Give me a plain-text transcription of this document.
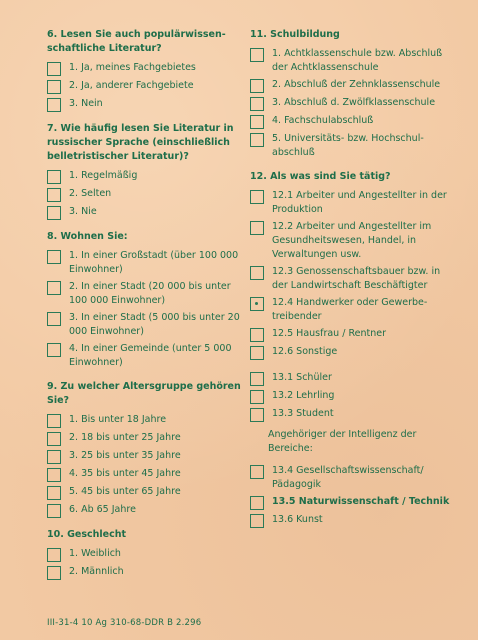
6. Lesen Sie auch populärwissenschaftliche Literatur?
1. Ja, meines Fachgebietes
2. Ja, anderer Fachgebiete
3. Nein
7. Wie häufig lesen Sie Literatur in russischer Sprache (einschließlich belletristischer Literatur)?
1. Regelmäßig
2. Selten
3. Nie
8. Wohnen Sie:
1. In einer Großstadt (über 100 000 Einwohner)
2. In einer Stadt (20 000 bis unter 100 000 Einwohner)
3. In einer Stadt (5 000 bis unter 20 000 Einwohner)
4. In einer Gemeinde (unter 5 000 Einwohner)
9. Zu welcher Altersgruppe gehören Sie?
1. Bis unter 18 Jahre
2. 18 bis unter 25 Jahre
3. 25 bis unter 35 Jahre
4. 35 bis unter 45 Jahre
5. 45 bis unter 65 Jahre
6. Ab 65 Jahre
10. Geschlecht
1. Weiblich
2. Männlich
11. Schulbildung
1. Achtklassenschule bzw. Abschluß der Achtklassenschule
2. Abschluß der Zehnklassenschule
3. Abschluß d. Zwölfklassenschule
4. Fachschulabschluß
5. Universitäts- bzw. Hochschulabschluß
12. Als was sind Sie tätig?
12.1 Arbeiter und Angestellter in der Produktion
12.2 Arbeiter und Angestellter im Gesundheitswesen, Handel, in Verwaltungen usw.
12.3 Genossenschaftsbauer bzw. in der Landwirtschaft Beschäftigter
12.4 Handwerker oder Gewerbetreibender
12.5 Hausfrau / Rentner
12.6 Sonstige
13.1 Schüler
13.2 Lehrling
13.3 Student
Angehöriger der Intelligenz der Bereiche:
13.4 Gesellschaftswissenschaft/ Pädagogik
13.5 Naturwissenschaft / Technik
13.6 Kunst
III-31-4 10 Ag 310-68-DDR B 2.296
